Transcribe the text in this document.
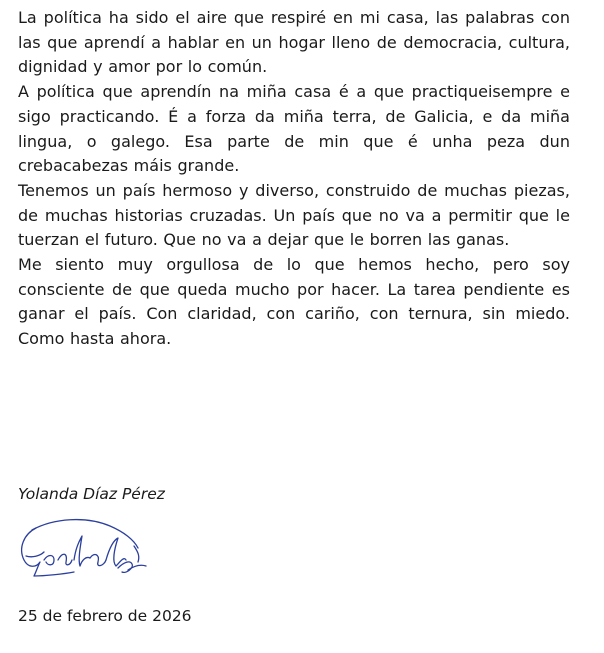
La política ha sido el aire que respiré en mi casa, las palabras con las que aprendí a hablar en un hogar lleno de democracia, cultura, dignidad y amor por lo común.

A política que aprendín na miña casa é a que practiqueisempre e sigo practicando. É a forza da miña terra, de Galicia, e da miña lingua, o galego. Esa parte de min que é unha peza dun crebacabezas máis grande.

Tenemos un país hermoso y diverso, construido de muchas piezas, de muchas historias cruzadas. Un país que no va a permitir que le tuerzan el futuro. Que no va a dejar que le borren las ganas.

Me siento muy orgullosa de lo que hemos hecho, pero soy consciente de que queda mucho por hacer. La tarea pendiente es ganar el país. Con claridad, con cariño, con ternura, sin miedo. Como hasta ahora.

Yolanda Díaz Pérez

25 de febrero de 2026
